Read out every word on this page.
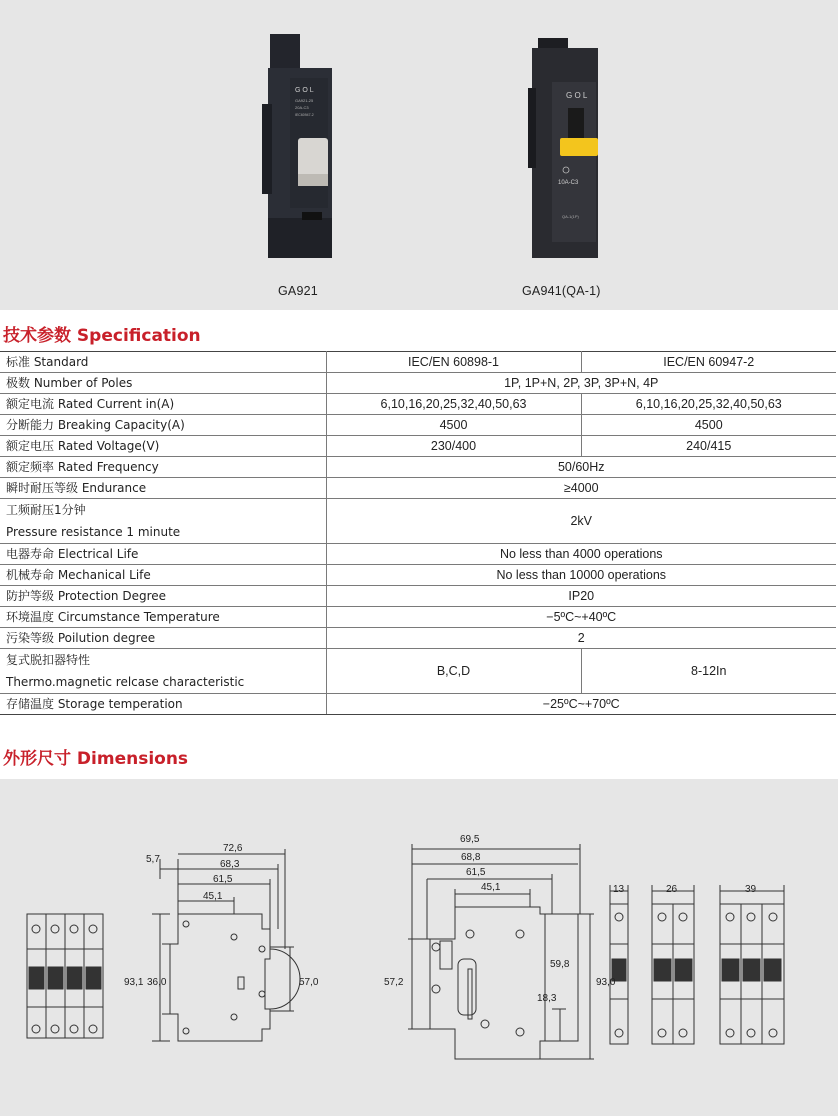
G O L
GA921-25
20A-C3
IEC60947-2
G O L
10A-C3
QA-1(1P)
GA921	GA941(QA-1)
技术参数 Specification
标准 Standard	IEC/EN 60898-1	IEC/EN 60947-2
极数 Number of Poles	1P, 1P+N, 2P, 3P, 3P+N, 4P	
额定电流 Rated Current in(A)	6,10,16,20,25,32,40,50,63	6,10,16,20,25,32,40,50,63
分断能力 Breaking Capacity(A)	4500	4500
额定电压 Rated Voltage(V)	230/400	240/415
额定频率 Rated Frequency	50/60Hz	
瞬时耐压等级 Endurance	≥4000	

工频耐压1分钟
Pressure resistance 1 minute	2kV	
电器寿命 Electrical Life	No less than 4000 operations	
机械寿命 Mechanical Life	No less than 10000 operations	
防护等级 Protection Degree	IP20	
环境温度 Circumstance Temperature	−5ºC~+40ºC	
污染等级 Poilution degree	2	

复式脱扣器特性
Thermo.magnetic relcase characteristic	B,C,D	8-12In
存储温度 Storage temperation	−25ºC~+70ºC	
外形尺寸 Dimensions
72,6
68,3
61,5
45,1
5,7
93,1 36,0	57,0
69,5
68,8
61,5
45,1
57,2
59,8
93,0
18,3
13	26	39
